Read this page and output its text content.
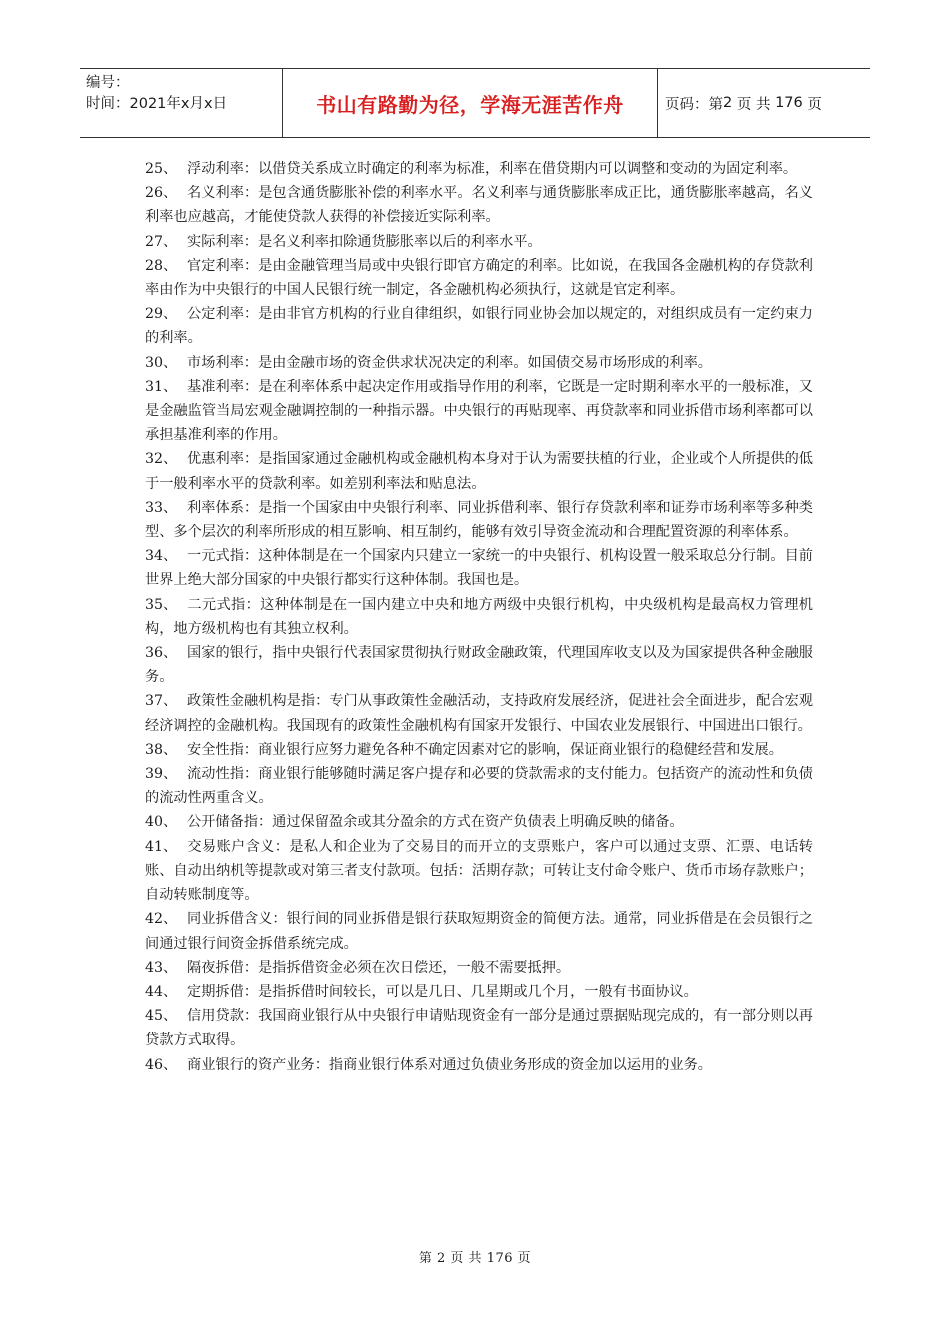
编号：
时间：2021年x月x日	书山有路勤为径，学海无涯苦作舟	页码：第 2
页 共
176
页
25、 浮动利率：以借贷关系成立时确定的利率为标准，利率在借贷期内可以调整和变动的为固定利率。
26、 名义利率：是包含通货膨胀补偿的利率水平。名义利率与通货膨胀率成正比，通货膨胀率越高，名义利率也应越高，才能使贷款人获得的补偿接近实际利率。
27、 实际利率：是名义利率扣除通货膨胀率以后的利率水平。
28、 官定利率：是由金融管理当局或中央银行即官方确定的利率。比如说，在我国各金融机构的存贷款利率由作为中央银行的中国人民银行统一制定，各金融机构必须执行，这就是官定利率。
29、 公定利率：是由非官方机构的行业自律组织，如银行同业协会加以规定的，对组织成员有一定约束力的利率。
30、 市场利率：是由金融市场的资金供求状况决定的利率。如国债交易市场形成的利率。
31、 基准利率：是在利率体系中起决定作用或指导作用的利率，它既是一定时期利率水平的一般标准，又是金融监管当局宏观金融调控制的一种指示器。中央银行的再贴现率、再贷款率和同业拆借市场利率都可以承担基准利率的作用。
32、 优惠利率：是指国家通过金融机构或金融机构本身对于认为需要扶植的行业，企业或个人所提供的低于一般利率水平的贷款利率。如差别利率法和贴息法。
33、 利率体系：是指一个国家由中央银行利率、同业拆借利率、银行存贷款利率和证券市场利率等多种类型、多个层次的利率所形成的相互影响、相互制约，能够有效引导资金流动和合理配置资源的利率体系。
34、 一元式指：这种体制是在一个国家内只建立一家统一的中央银行、机构设置一般采取总分行制。目前世界上绝大部分国家的中央银行都实行这种体制。我国也是。
35、 二元式指：这种体制是在一国内建立中央和地方两级中央银行机构，中央级机构是最高权力管理机构，地方级机构也有其独立权利。
36、 国家的银行，指中央银行代表国家贯彻执行财政金融政策，代理国库收支以及为国家提供各种金融服务。
37、 政策性金融机构是指：专门从事政策性金融活动，支持政府发展经济，促进社会全面进步，配合宏观经济调控的金融机构。我国现有的政策性金融机构有国家开发银行、中国农业发展银行、中国进出口银行。
38、 安全性指：商业银行应努力避免各种不确定因素对它的影响，保证商业银行的稳健经营和发展。
39、 流动性指：商业银行能够随时满足客户提存和必要的贷款需求的支付能力。包括资产的流动性和负债的流动性两重含义。
40、 公开储备指：通过保留盈余或其分盈余的方式在资产负债表上明确反映的储备。
41、 交易账户含义：是私人和企业为了交易目的而开立的支票账户，客户可以通过支票、汇票、电话转账、自动出纳机等提款或对第三者支付款项。包括：活期存款；可转让支付命令账户、货币市场存款账户；自动转账制度等。
42、 同业拆借含义：银行间的同业拆借是银行获取短期资金的简便方法。通常，同业拆借是在会员银行之间通过银行间资金拆借系统完成。
43、 隔夜拆借：是指拆借资金必须在次日偿还，一般不需要抵押。
44、 定期拆借：是指拆借时间较长，可以是几日、几星期或几个月，一般有书面协议。
45、 信用贷款：我国商业银行从中央银行申请贴现资金有一部分是通过票据贴现完成的，有一部分则以再贷款方式取得。
46、 商业银行的资产业务：指商业银行体系对通过负债业务形成的资金加以运用的业务。
第 2 页 共 176 页
